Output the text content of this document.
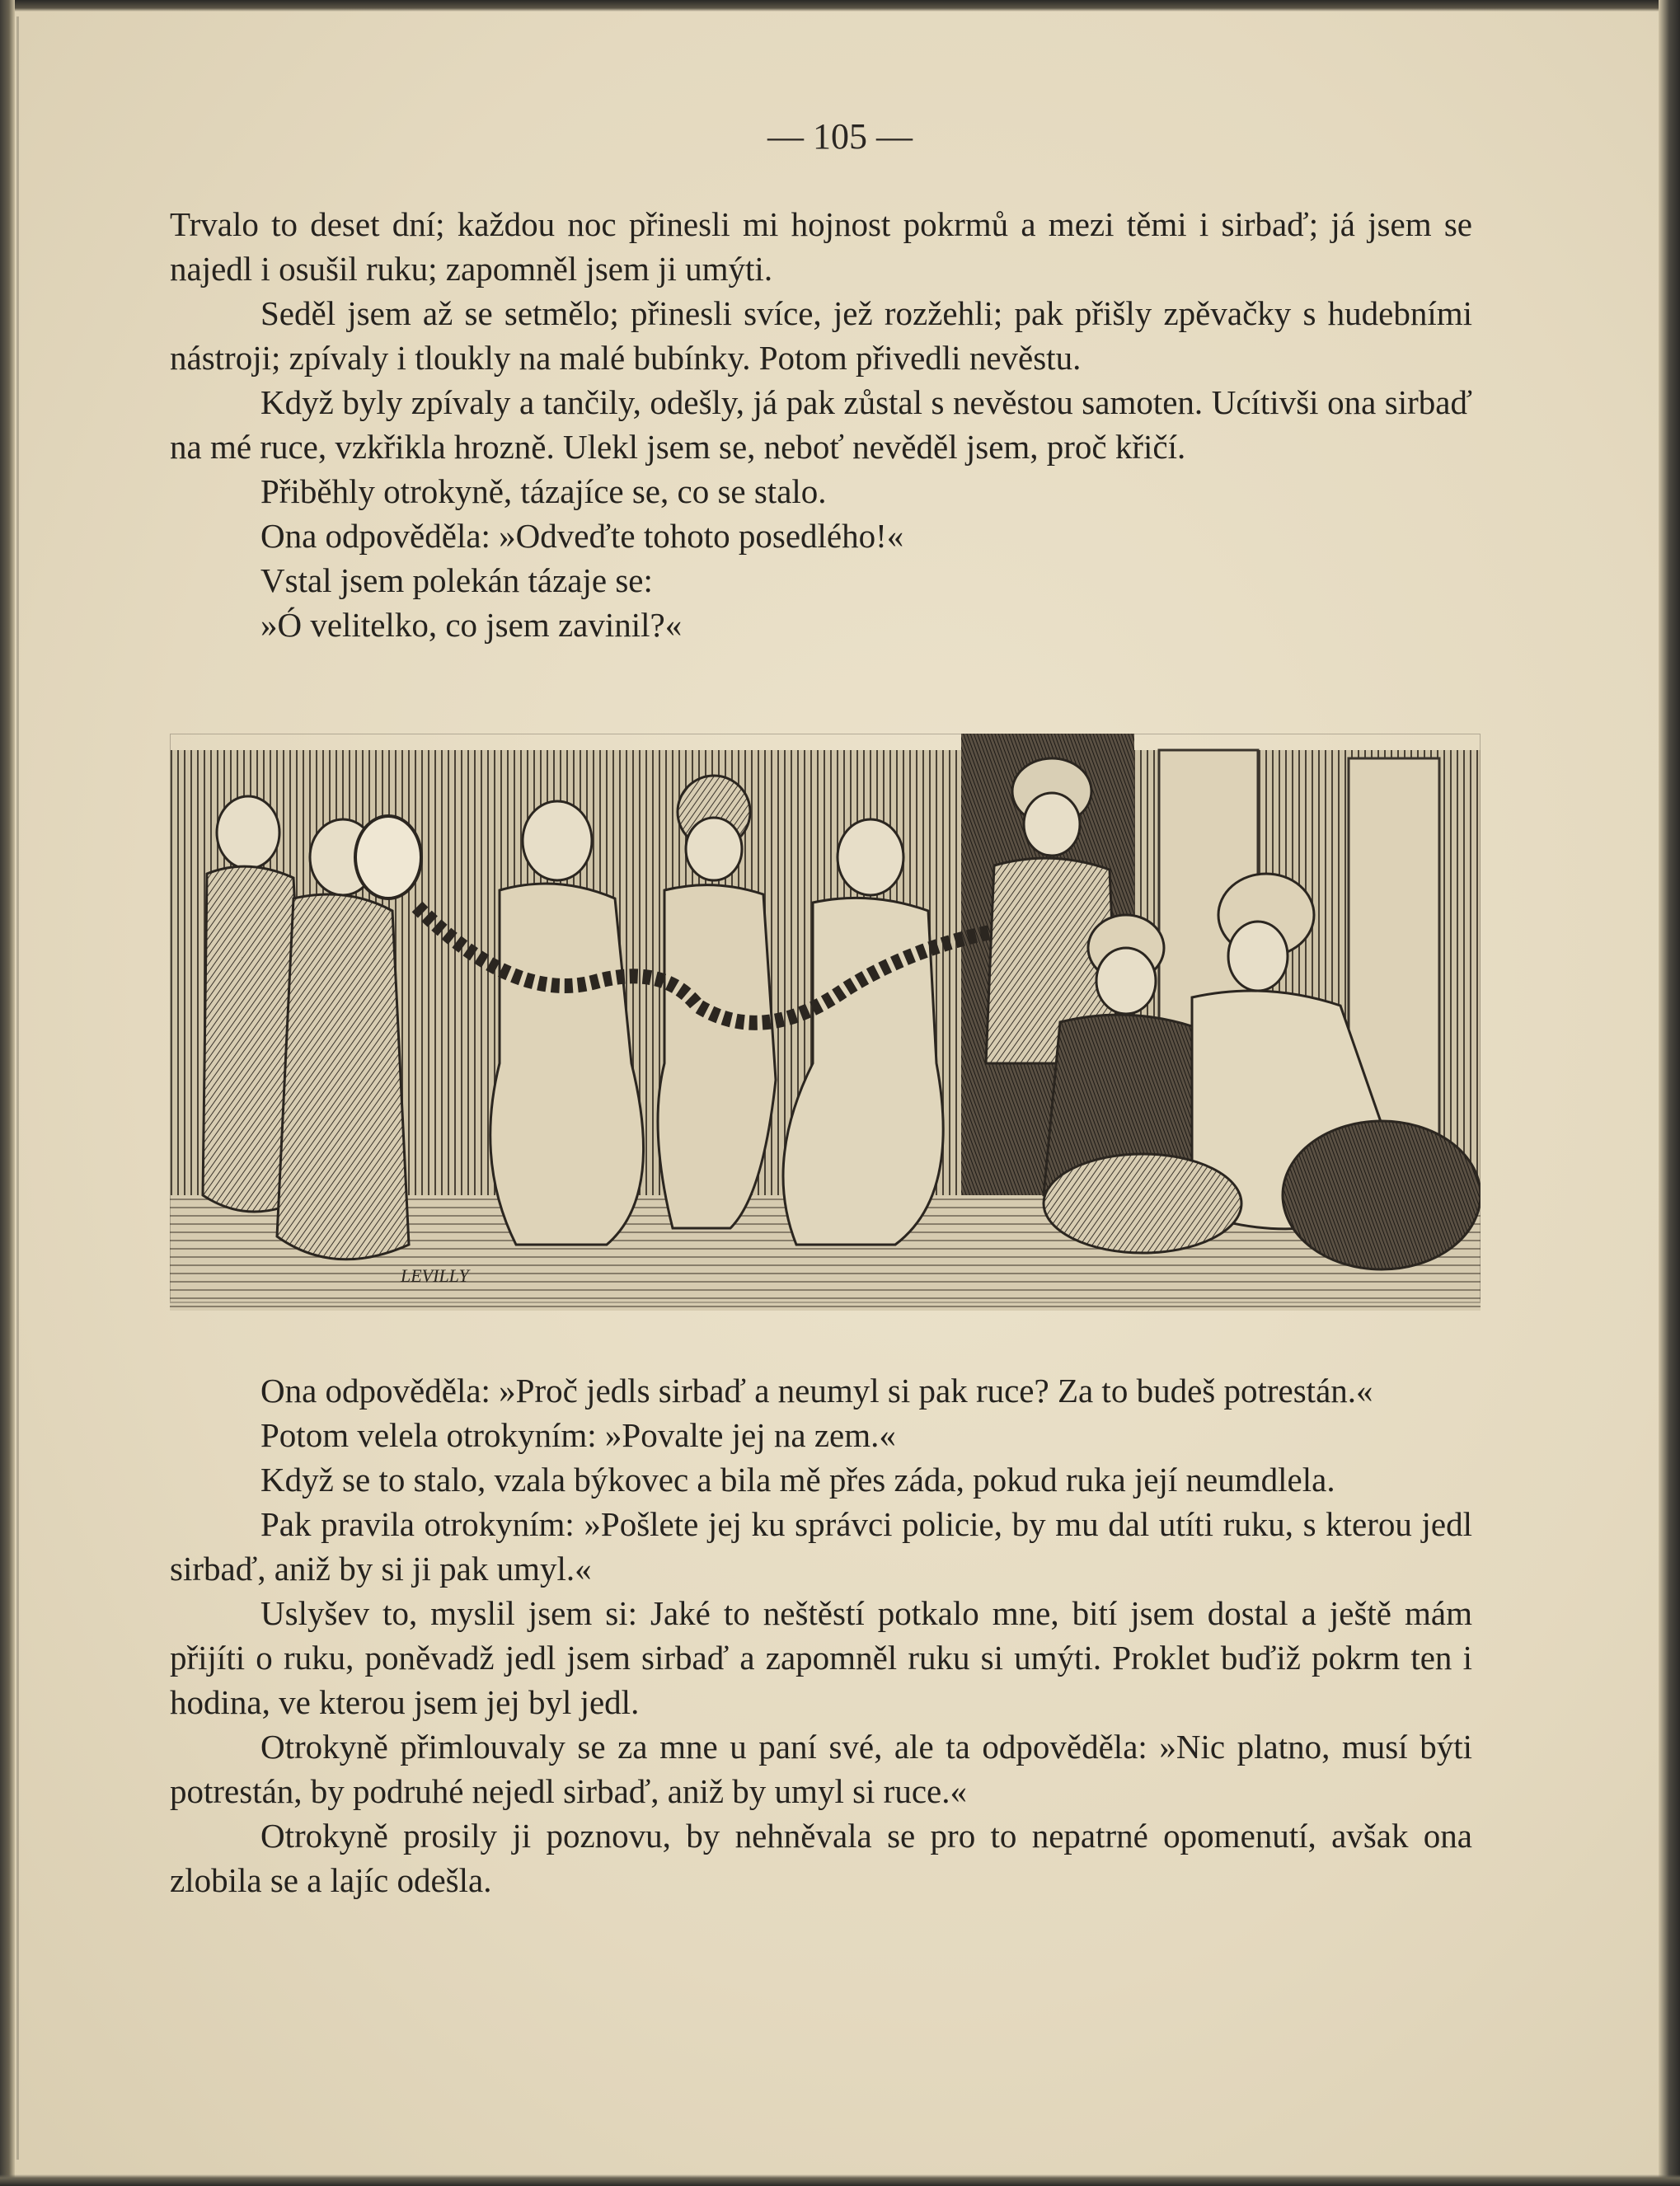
— 105 —

Trvalo to deset dní; každou noc přinesli mi hojnost pokrmů a mezi těmi i sirbaď; já jsem se najedl i osušil ruku; zapomněl jsem ji umýti.

Seděl jsem až se setmělo; přinesli svíce, jež rozžehli; pak přišly zpěvačky s hudebními nástroji; zpívaly i tloukly na malé bubínky. Potom přivedli nevěstu.

Když byly zpívaly a tančily, odešly, já pak zůstal s nevěstou samoten. Ucítivši ona sirbaď na mé ruce, vzkřikla hrozně. Ulekl jsem se, neboť nevěděl jsem, proč křičí.

Přiběhly otrokyně, tázajíce se, co se stalo.

Ona odpověděla: »Odveďte tohoto posedlého!«

Vstal jsem polekán tázaje se:

»Ó velitelko, co jsem zavinil?«

LEVILLY

Ona odpověděla: »Proč jedls sirbaď a neumyl si pak ruce? Za to budeš potrestán.«

Potom velela otrokyním: »Povalte jej na zem.«

Když se to stalo, vzala býkovec a bila mě přes záda, pokud ruka její neumdlela.

Pak pravila otrokyním: »Pošlete jej ku správci policie, by mu dal utíti ruku, s kterou jedl sirbaď, aniž by si ji pak umyl.«

Uslyšev to, myslil jsem si: Jaké to neštěstí potkalo mne, bití jsem dostal a ještě mám přijíti o ruku, poněvadž jedl jsem sirbaď a zapomněl ruku si umýti. Proklet buďiž pokrm ten i hodina, ve kterou jsem jej byl jedl.

Otrokyně přimlouvaly se za mne u paní své, ale ta odpověděla: »Nic platno, musí býti potrestán, by podruhé nejedl sirbaď, aniž by umyl si ruce.«

Otrokyně prosily ji poznovu, by nehněvala se pro to nepatrné opomenutí, avšak ona zlobila se a lajíc odešla.
